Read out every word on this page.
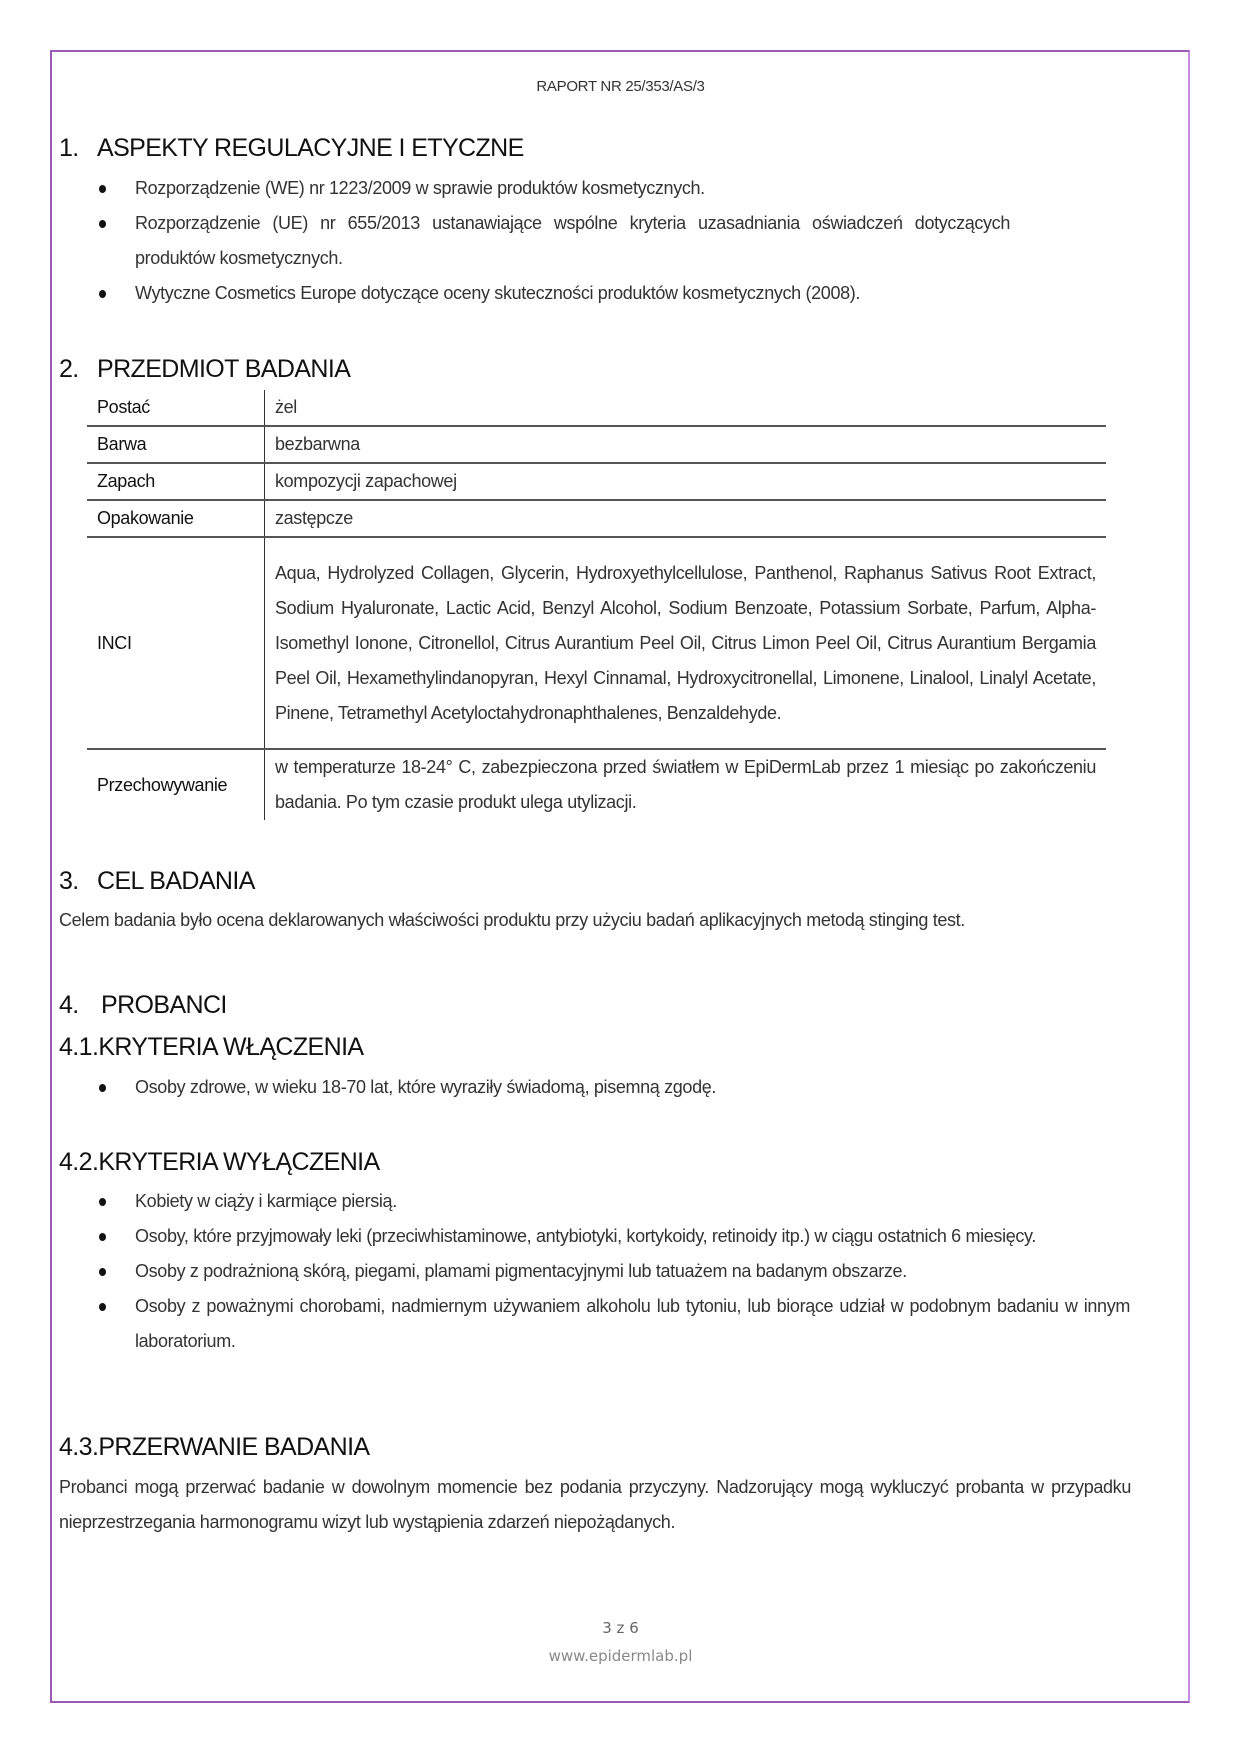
RAPORT NR 25/353/AS/3
1. ASPEKTY REGULACYJNE I ETYCZNE
Rozporządzenie (WE) nr 1223/2009 w sprawie produktów kosmetycznych.
Rozporządzenie (UE) nr 655/2013 ustanawiające wspólne kryteria uzasadniania oświadczeń dotyczących produktów kosmetycznych.
Wytyczne Cosmetics Europe dotyczące oceny skuteczności produktów kosmetycznych (2008).
2. PRZEDMIOT BADANIA
Postać	żel
Barwa	bezbarwna
Zapach	kompozycji zapachowej
Opakowanie	zastępcze
INCI	Aqua, Hydrolyzed Collagen, Glycerin, Hydroxyethylcellulose, Panthenol, Raphanus Sativus Root Extract, Sodium Hyaluronate, Lactic Acid, Benzyl Alcohol, Sodium Benzoate, Potassium Sorbate, Parfum, Alpha-Isomethyl Ionone, Citronellol, Citrus Aurantium Peel Oil, Citrus Limon Peel Oil, Citrus Aurantium Bergamia Peel Oil, Hexamethylindanopyran, Hexyl Cinnamal, Hydroxycitronellal, Limonene, Linalool, Linalyl Acetate, Pinene, Tetramethyl Acetyloctahydronaphthalenes, Benzaldehyde.
Przechowywanie	w temperaturze 18-24° C, zabezpieczona przed światłem w EpiDermLab przez 1 miesiąc po zakończeniu badania. Po tym czasie produkt ulega utylizacji.
3. CEL BADANIA
Celem badania było ocena deklarowanych właściwości produktu przy użyciu badań aplikacyjnych metodą stinging test.
4. PROBANCI
4.1.KRYTERIA WŁĄCZENIA
Osoby zdrowe, w wieku 18-70 lat, które wyraziły świadomą, pisemną zgodę.
4.2.KRYTERIA WYŁĄCZENIA
Kobiety w ciąży i karmiące piersią.
Osoby, które przyjmowały leki (przeciwhistaminowe, antybiotyki, kortykoidy, retinoidy itp.) w ciągu ostatnich 6 miesięcy.
Osoby z podrażnioną skórą, piegami, plamami pigmentacyjnymi lub tatuażem na badanym obszarze.
Osoby z poważnymi chorobami, nadmiernym używaniem alkoholu lub tytoniu, lub biorące udział w podobnym badaniu w innym laboratorium.
4.3.PRZERWANIE BADANIA
Probanci mogą przerwać badanie w dowolnym momencie bez podania przyczyny. Nadzorujący mogą wykluczyć probanta w przypadku nieprzestrzegania harmonogramu wizyt lub wystąpienia zdarzeń niepożądanych.
3 z 6
www.epidermlab.pl
